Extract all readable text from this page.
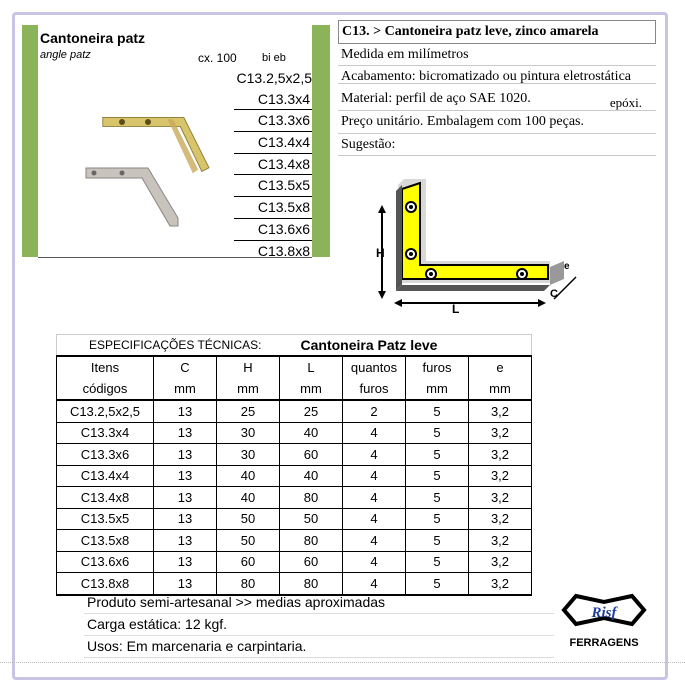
Cantoneira patz
angle patz	cx. 100 bi eb
C13.2,5x2,5
C13.3x4
C13.3x6
C13.4x4
C13.4x8
C13.5x5
C13.5x8
C13.6x6
C13.8x8
C13. > Cantoneira patz leve, zinco amarela
Medida em milímetros
Acabamento: bicromatizado ou pintura eletrostática
Material: perfil de aço SAE 1020.	epóxi.
Preço unitário. Embalagem com 100 peças.
Sugestão:
H
L
C
e
ESPECIFICAÇÕES TÉCNICAS:				Cantoneira Patz leve		
Itens	C	H	L	quantos	furos	e
códigos	mm	mm	mm	furos	mm	mm
C13.2,5x2,5	13	25	25	2	5	3,2
C13.3x4	13	30	40	4	5	3,2
C13.3x6	13	30	60	4	5	3,2
C13.4x4	13	40	40	4	5	3,2
C13.4x8	13	40	80	4	5	3,2
C13.5x5	13	50	50	4	5	3,2
C13.5x8	13	50	80	4	5	3,2
C13.6x6	13	60	60	4	5	3,2
C13.8x8	13	80	80	4	5	3,2
Produto semi-artesanal >> medias aproximadas
Carga estática: 12 kgf.
Usos: Em marcenaria e carpintaria.
Risf
FERRAGENS
